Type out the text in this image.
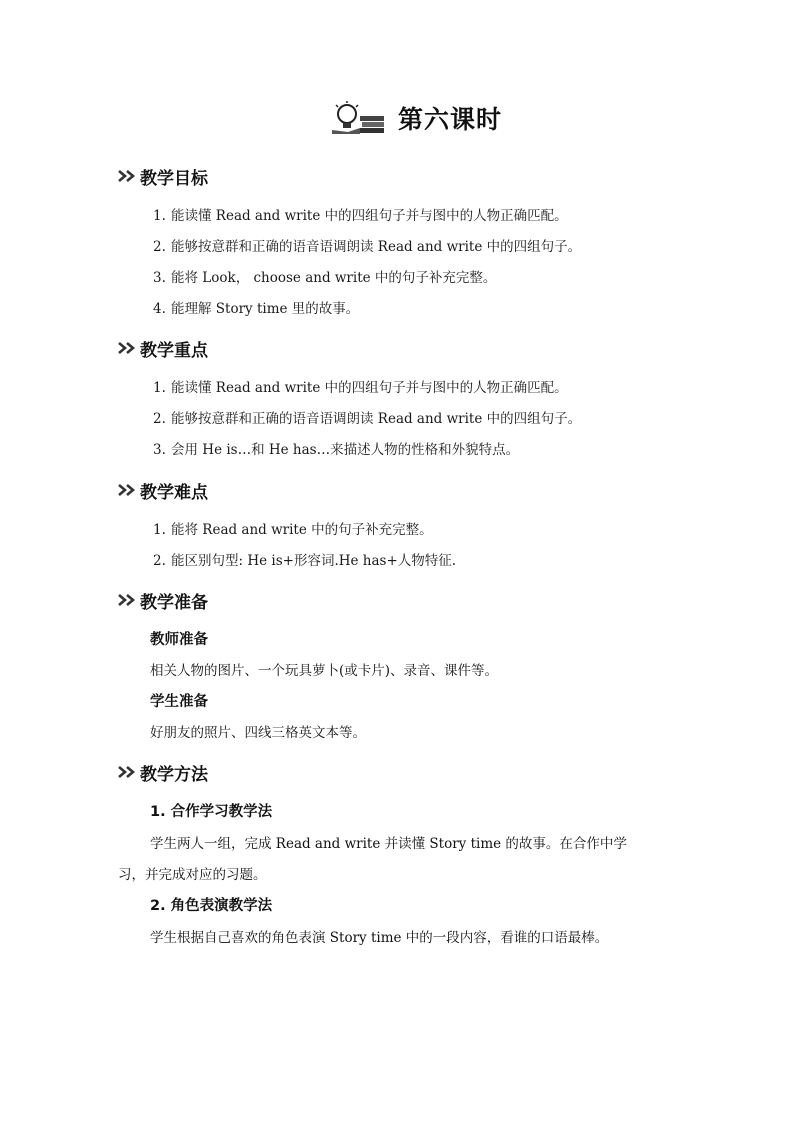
第六课时
教学目标
1. 能读懂 Read and write 中的四组句子并与图中的人物正确匹配。
2. 能够按意群和正确的语音语调朗读 Read and write 中的四组句子。
3. 能将 Look， choose and write 中的句子补充完整。
4. 能理解 Story time 里的故事。
教学重点
1. 能读懂 Read and write 中的四组句子并与图中的人物正确匹配。
2. 能够按意群和正确的语音语调朗读 Read and write 中的四组句子。
3. 会用 He is…和 He has…来描述人物的性格和外貌特点。
教学难点
1. 能将 Read and write 中的句子补充完整。
2. 能区别句型: He is+形容词.He has+人物特征.
教学准备
教师准备
相关人物的图片、一个玩具萝卜(或卡片)、录音、课件等。
学生准备
好朋友的照片、四线三格英文本等。
教学方法
1. 合作学习教学法
学生两人一组，完成 Read and write 并读懂 Story time 的故事。在合作中学
习，并完成对应的习题。
2. 角色表演教学法
学生根据自己喜欢的角色表演 Story time 中的一段内容，看谁的口语最棒。
